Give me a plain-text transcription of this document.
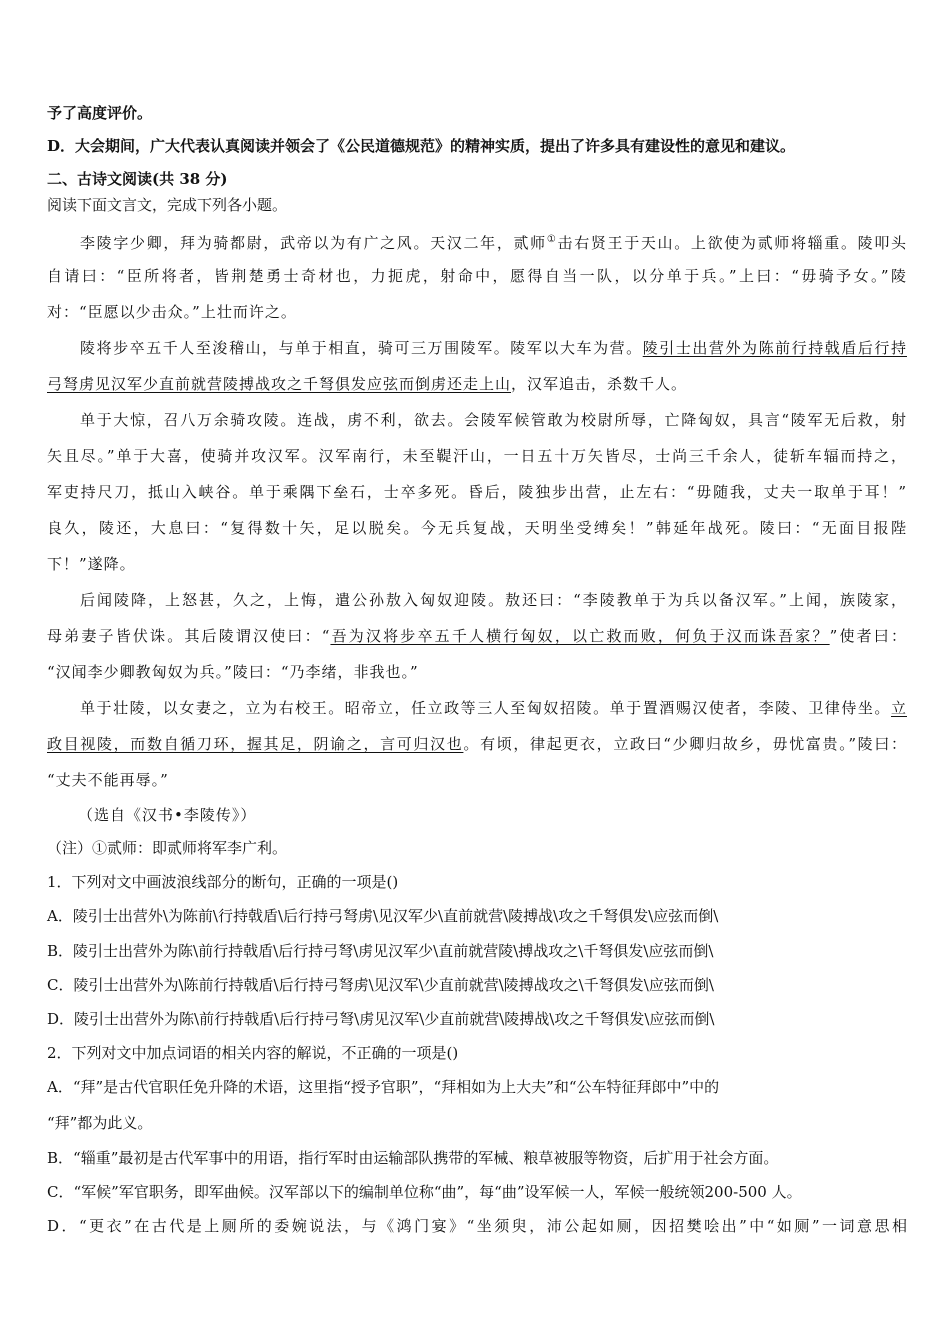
予了高度评价。
D．大会期间，广大代表认真阅读并领会了《公民道德规范》的精神实质，提出了许多具有建设性的意见和建议。
二、古诗文阅读(共 38 分)
阅读下面文言文，完成下列各小题。
李陵字少卿，拜为骑都尉，武帝以为有广之风。天汉二年，贰师①击右贤王于天山。上欲使为贰师将辎重。陵叩头
自请曰：“臣所将者，皆荆楚勇士奇材也，力扼虎，射命中，愿得自当一队，以分单于兵。”上曰：“毋骑予女。”陵
对：“臣愿以少击众。”上壮而许之。
陵将步卒五千人至浚稽山，与单于相直，骑可三万围陵军。陵军以大车为营。陵引士出营外为陈前行持戟盾后行持
弓弩虏见汉军少直前就营陵搏战攻之千弩俱发应弦而倒虏还走上山，汉军追击，杀数千人。
单于大惊，召八万余骑攻陵。连战，虏不利，欲去。会陵军候管敢为校尉所辱，亡降匈奴，具言“陵军无后救，射
矢且尽。”单于大喜，使骑并攻汉军。汉军南行，未至鞮汗山，一日五十万矢皆尽，士尚三千余人，徒斩车辐而持之，
军吏持尺刀，抵山入峡谷。单于乘隅下垒石，士卒多死。昏后，陵独步出营，止左右：“毋随我，丈夫一取单于耳！”
良久，陵还，大息曰：“复得数十矢，足以脱矣。今无兵复战，天明坐受缚矣！”韩延年战死。陵曰：“无面目报陛
下！”遂降。
后闻陵降，上怒甚，久之，上悔，遣公孙敖入匈奴迎陵。敖还曰：“李陵教单于为兵以备汉军。”上闻，族陵家，
母弟妻子皆伏诛。其后陵谓汉使曰：“吾为汉将步卒五千人横行匈奴，以亡救而败，何负于汉而诛吾家？”使者曰：
“汉闻李少卿教匈奴为兵。”陵曰：“乃李绪，非我也。”
单于壮陵，以女妻之，立为右校王。昭帝立，任立政等三人至匈奴招陵。单于置酒赐汉使者，李陵、卫律侍坐。立
政目视陵，而数自循刀环，握其足，阴谕之，言可归汉也。有顷，律起更衣，立政曰“少卿归故乡，毋忧富贵。”陵曰：
“丈夫不能再辱。”
（选自《汉书•李陵传》）
（注）①贰师：即贰师将军李广利。
1．下列对文中画波浪线部分的断句，正确的一项是()
A．陵引士出营外\为陈前\行持戟盾\后行持弓弩虏\见汉军少\直前就营\陵搏战\攻之千弩俱发\应弦而倒\
B．陵引士出营外为陈\前行持戟盾\后行持弓弩\虏见汉军少\直前就营陵\搏战攻之\千弩俱发\应弦而倒\
C．陵引士出营外为\陈前行持戟盾\后行持弓弩虏\见汉军\少直前就营\陵搏战攻之\千弩俱发\应弦而倒\
D．陵引士出营外为陈\前行持戟盾\后行持弓弩\虏见汉军\少直前就营\陵搏战\攻之千弩俱发\应弦而倒\
2．下列对文中加点词语的相关内容的解说，不正确的一项是()
A．“拜”是古代官职任免升降的术语，这里指“授予官职”，“拜相如为上大夫”和“公车特征拜郎中”中的
“拜”都为此义。
B．“辎重”最初是古代军事中的用语，指行军时由运输部队携带的军械、粮草被服等物资，后扩用于社会方面。
C．“军候”军官职务，即军曲候。汉军部以下的编制单位称“曲”，每“曲”设军候一人，军候一般统领200-500 人。
D．“更衣”在古代是上厕所的委婉说法，与《鸿门宴》“坐须臾，沛公起如厕，因招樊哙出”中“如厕”一词意思相
